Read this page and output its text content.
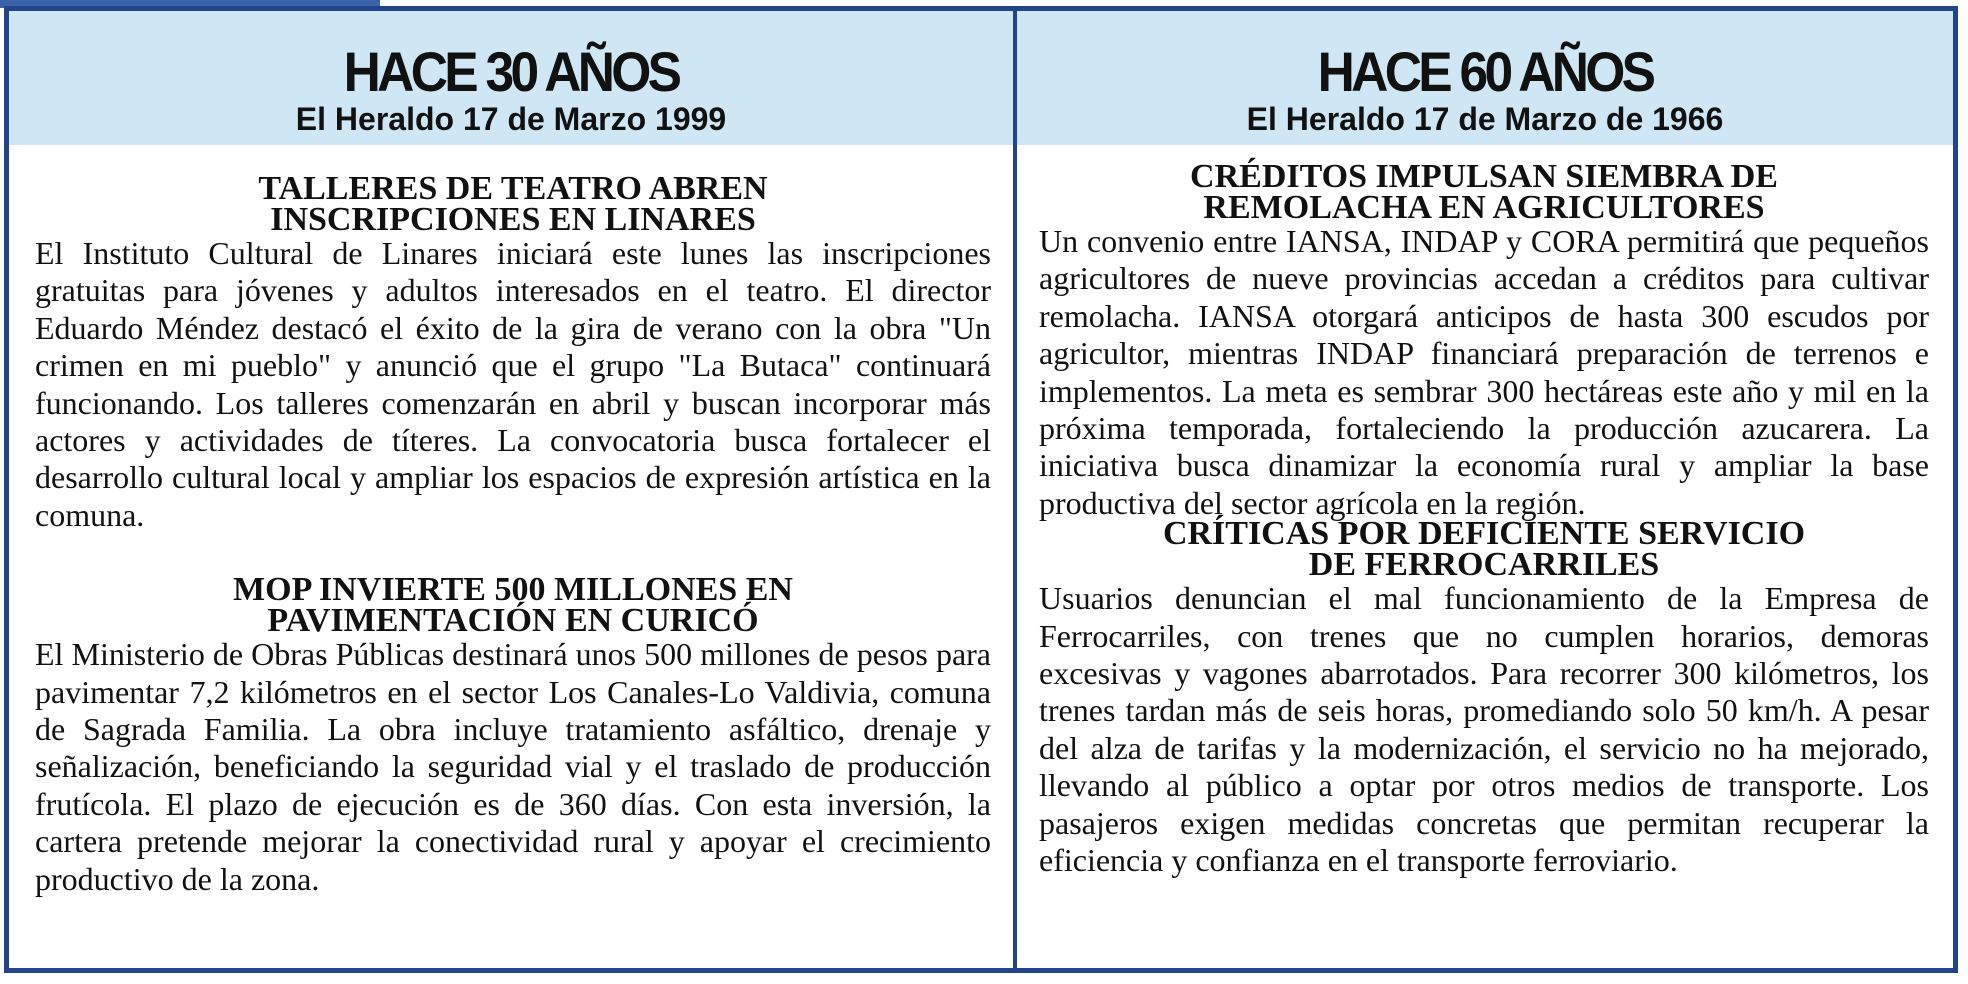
HACE 30 AÑOS
El Heraldo 17 de Marzo 1999
TALLERES DE TEATRO ABREN
INSCRIPCIONES EN LINARES

El Instituto Cultural de Linares iniciará este lunes las inscripciones gratuitas para jóvenes y adultos interesados en el teatro. El director Eduardo Méndez destacó el éxito de la gira de verano con la obra "Un crimen en mi pueblo" y anunció que el grupo "La Butaca" continuará funcionando. Los talleres comenzarán en abril y buscan incorporar más actores y actividades de títeres. La convocatoria busca fortalecer el desarrollo cultural local y ampliar los espacios de expresión artística en la comuna.

MOP INVIERTE 500 MILLONES EN
PAVIMENTACIÓN EN CURICÓ

El Ministerio de Obras Públicas destinará unos 500 millones de pesos para pavimentar 7,2 kilómetros en el sector Los Canales-Lo Valdivia, comuna de Sagrada Familia. La obra incluye tratamiento asfáltico, drenaje y señalización, beneficiando la seguridad vial y el traslado de producción frutícola. El plazo de ejecución es de 360 días. Con esta inversión, la cartera pretende mejorar la conectividad rural y apoyar el crecimiento productivo de la zona.

HACE 60 AÑOS
El Heraldo 17 de Marzo de 1966
CRÉDITOS IMPULSAN SIEMBRA DE
REMOLACHA EN AGRICULTORES

Un convenio entre IANSA, INDAP y CORA permitirá que pequeños agricultores de nueve provincias accedan a créditos para cultivar remolacha. IANSA otorgará anticipos de hasta 300 escudos por agricultor, mientras INDAP financiará preparación de terrenos e implementos. La meta es sembrar 300 hectáreas este año y mil en la próxima temporada, fortaleciendo la producción azucarera. La iniciativa busca dinamizar la economía rural y ampliar la base productiva del sector agrícola en la región.

CRÍTICAS POR DEFICIENTE SERVICIO
DE FERROCARRILES

Usuarios denuncian el mal funcionamiento de la Empresa de Ferrocarriles, con trenes que no cumplen horarios, demoras excesivas y vagones abarrotados. Para recorrer 300 kilómetros, los trenes tardan más de seis horas, promediando solo 50 km/h. A pesar del alza de tarifas y la modernización, el servicio no ha mejorado, llevando al público a optar por otros medios de transporte. Los pasajeros exigen medidas concretas que permitan recuperar la eficiencia y confianza en el transporte ferroviario.
